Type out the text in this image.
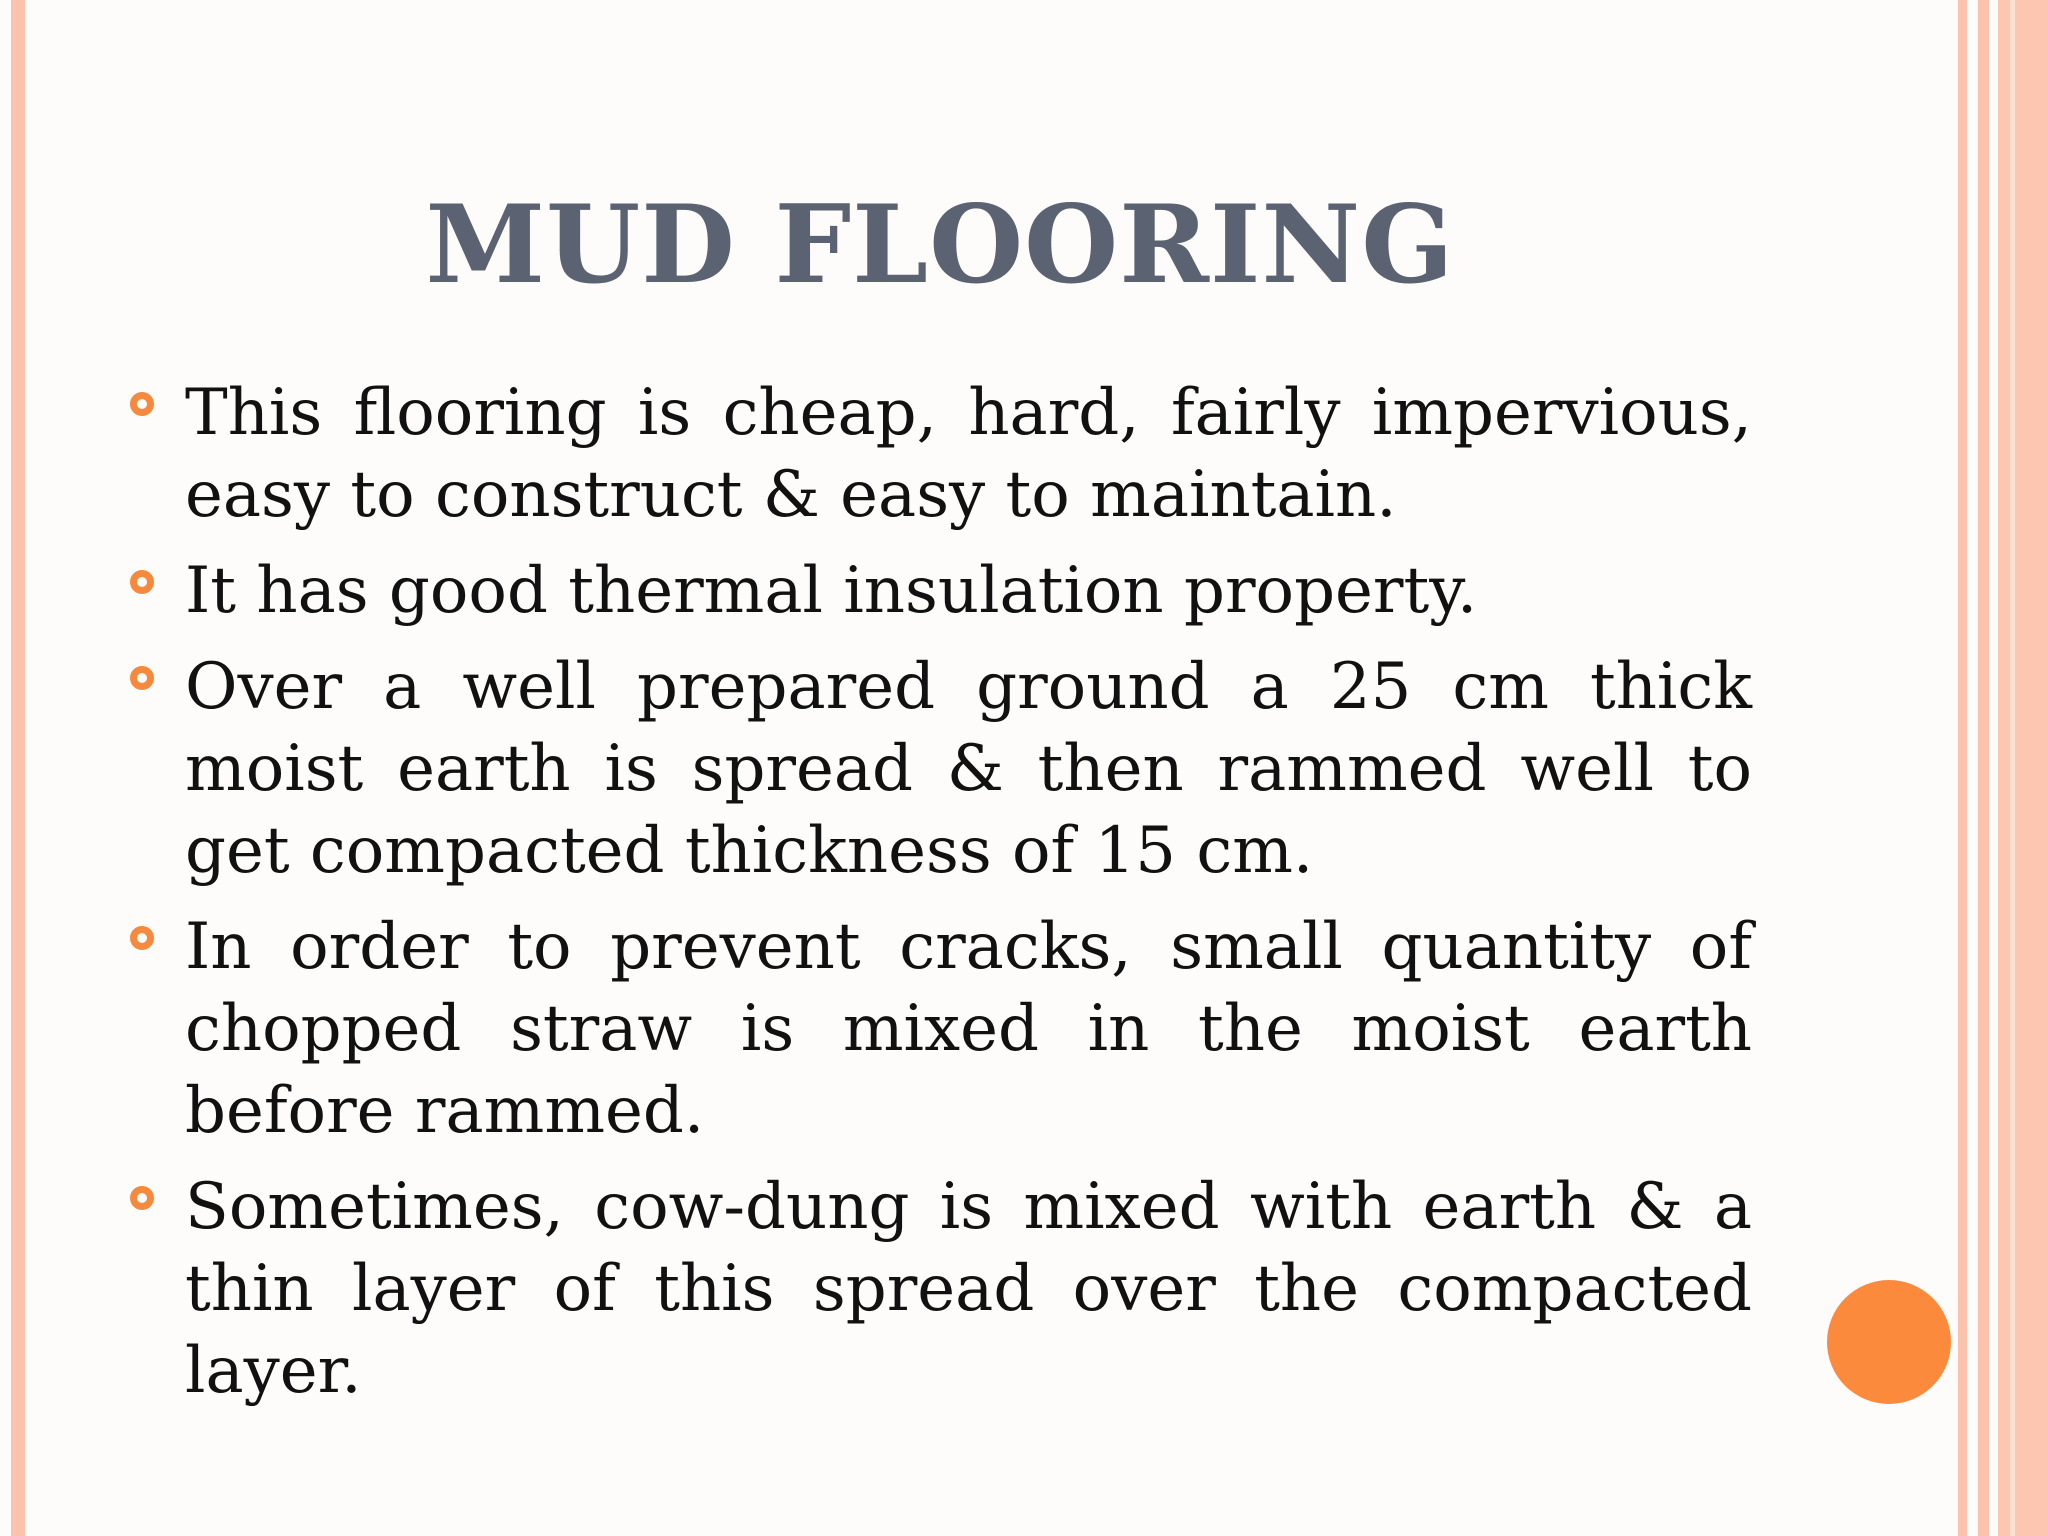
MUD FLOORING
This flooring is cheap, hard, fairly impervious, easy to construct & easy to maintain.
It has good thermal insulation property.
Over a well prepared ground a 25 cm thick moist earth is spread & then rammed well to get compacted thickness of 15 cm.
In order to prevent cracks, small quantity of chopped straw is mixed in the moist earth before rammed.
Sometimes, cow-dung is mixed with earth & a thin layer of this spread over the compacted layer.
